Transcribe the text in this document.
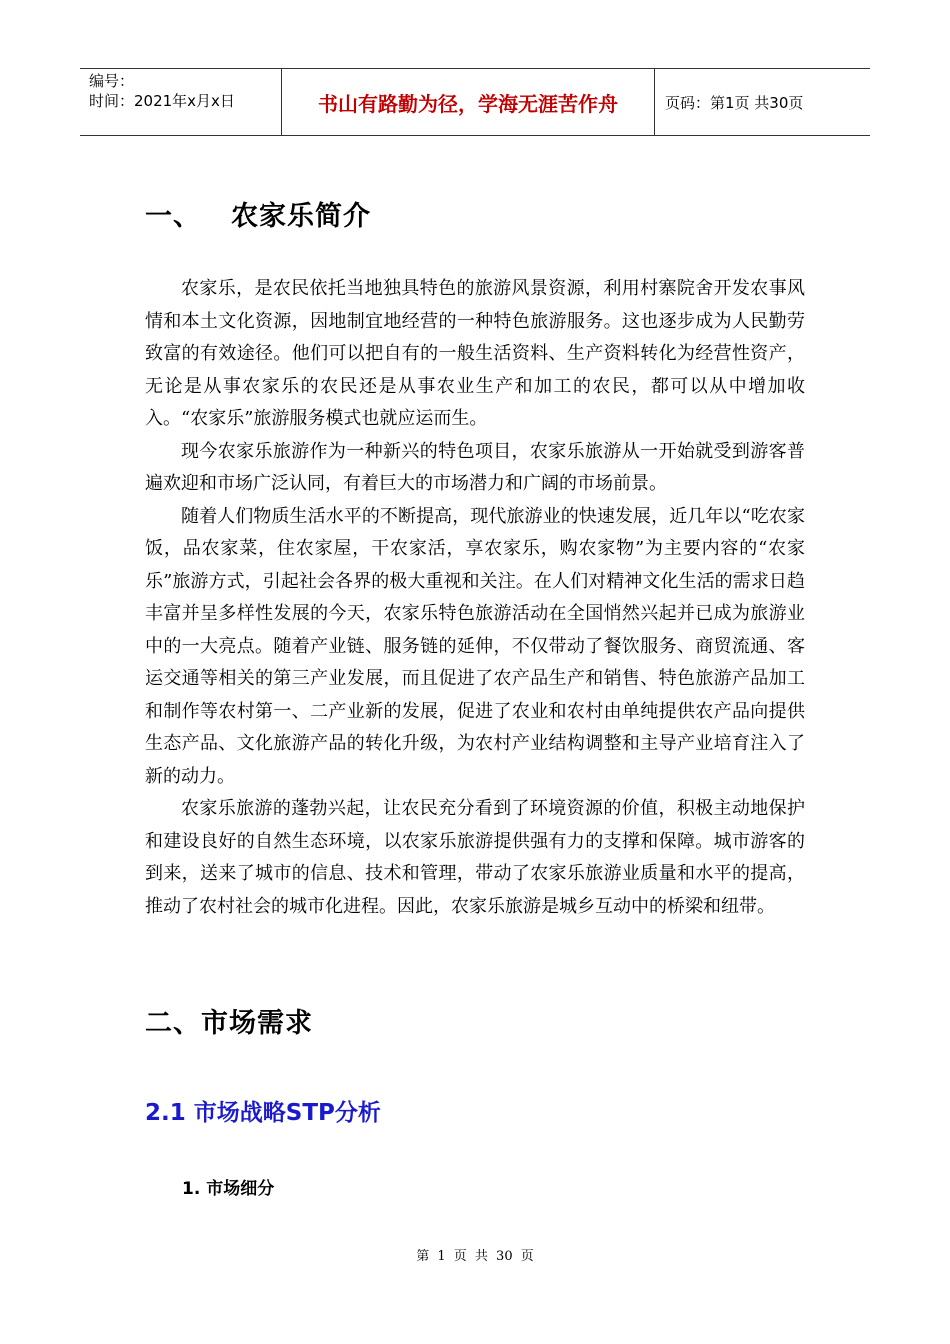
编号：
时间：2021年x月x日	书山有路勤为径，学海无涯苦作舟	页码：第1页 共30页
一、 农家乐简介

农家乐，是农民依托当地独具特色的旅游风景资源，利用村寨院舍开发农事风情和本土文化资源，因地制宜地经营的一种特色旅游服务。这也逐步成为人民勤劳致富的有效途径。他们可以把自有的一般生活资料、生产资料转化为经营性资产，无论是从事农家乐的农民还是从事农业生产和加工的农民，都可以从中增加收入。“农家乐”旅游服务模式也就应运而生。

现今农家乐旅游作为一种新兴的特色项目，农家乐旅游从一开始就受到游客普遍欢迎和市场广泛认同，有着巨大的市场潜力和广阔的市场前景。

随着人们物质生活水平的不断提高，现代旅游业的快速发展，近几年以“吃农家饭，品农家菜，住农家屋，干农家活，享农家乐，购农家物”为主要内容的“农家乐”旅游方式，引起社会各界的极大重视和关注。在人们对精神文化生活的需求日趋丰富并呈多样性发展的今天，农家乐特色旅游活动在全国悄然兴起并已成为旅游业中的一大亮点。随着产业链、服务链的延伸，不仅带动了餐饮服务、商贸流通、客运交通等相关的第三产业发展，而且促进了农产品生产和销售、特色旅游产品加工和制作等农村第一、二产业新的发展，促进了农业和农村由单纯提供农产品向提供生态产品、文化旅游产品的转化升级，为农村产业结构调整和主导产业培育注入了新的动力。

农家乐旅游的蓬勃兴起，让农民充分看到了环境资源的价值，积极主动地保护和建设良好的自然生态环境，以农家乐旅游提供强有力的支撑和保障。城市游客的到来，送来了城市的信息、技术和管理，带动了农家乐旅游业质量和水平的提高，推动了农村社会的城市化进程。因此，农家乐旅游是城乡互动中的桥梁和纽带。

二、市场需求
2.1 市场战略STP分析
1. 市场细分
第 1 页 共 30 页
